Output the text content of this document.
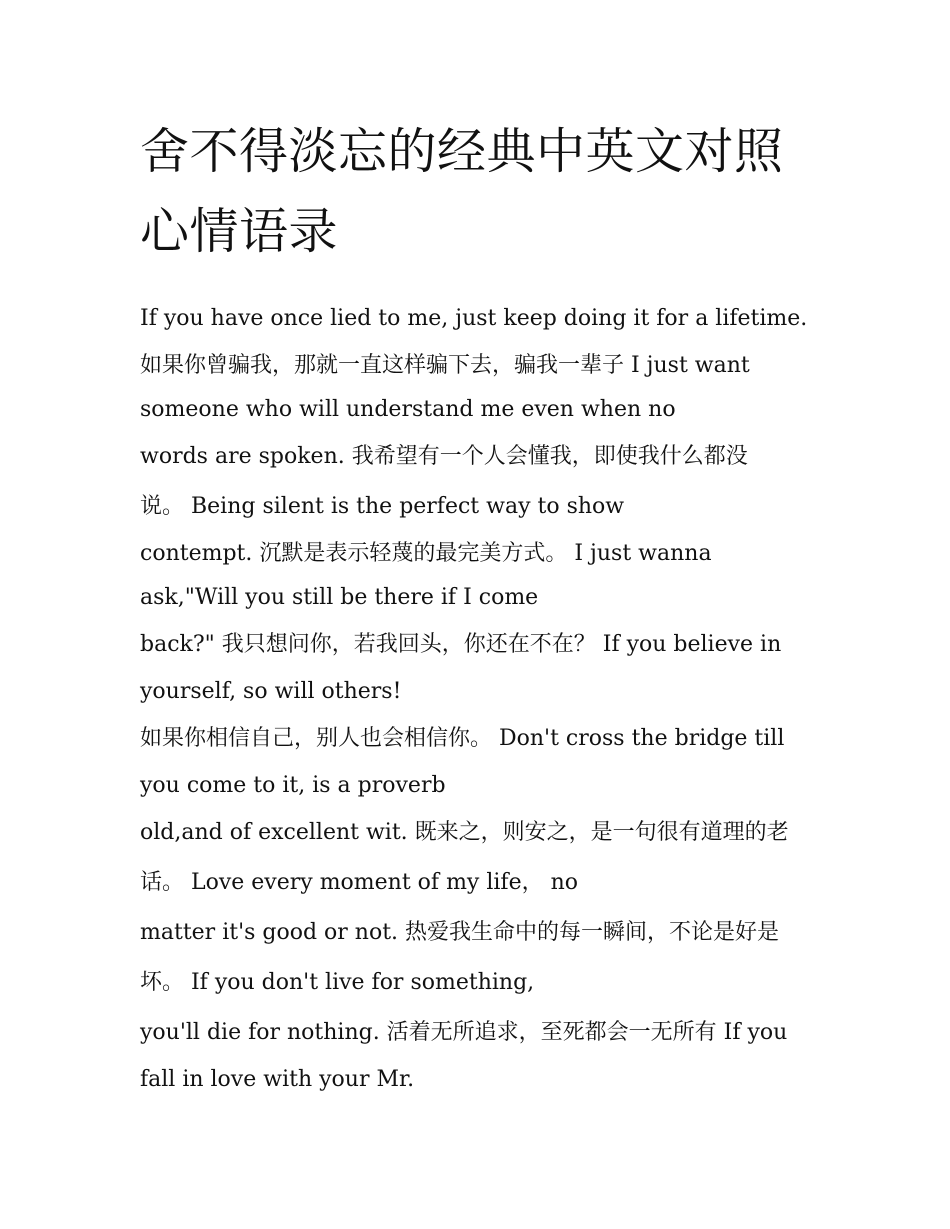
舍不得淡忘的经典中英文对照
心情语录

If you have once lied to me, just keep doing it for a lifetime.

如果你曾骗我，那就一直这样骗下去，骗我一辈子 I just want

someone who will understand me even when no

words are spoken. 我希望有一个人会懂我，即使我什么都没

说。 Being silent is the perfect way to show

contempt. 沉默是表示轻蔑的最完美方式。 I just wanna

ask,"Will you still be there if I come

back?" 我只想问你，若我回头，你还在不在？ If you believe in

yourself, so will others!

如果你相信自己，别人也会相信你。 Don't cross the bridge till

you come to it, is a proverb

old,and of excellent wit. 既来之，则安之，是一句很有道理的老

话。 Love every moment of my life， no

matter it's good or not. 热爱我生命中的每一瞬间，不论是好是

坏。 If you don't live for something,

you'll die for nothing. 活着无所追求，至死都会一无所有 If you

fall in love with your Mr.
